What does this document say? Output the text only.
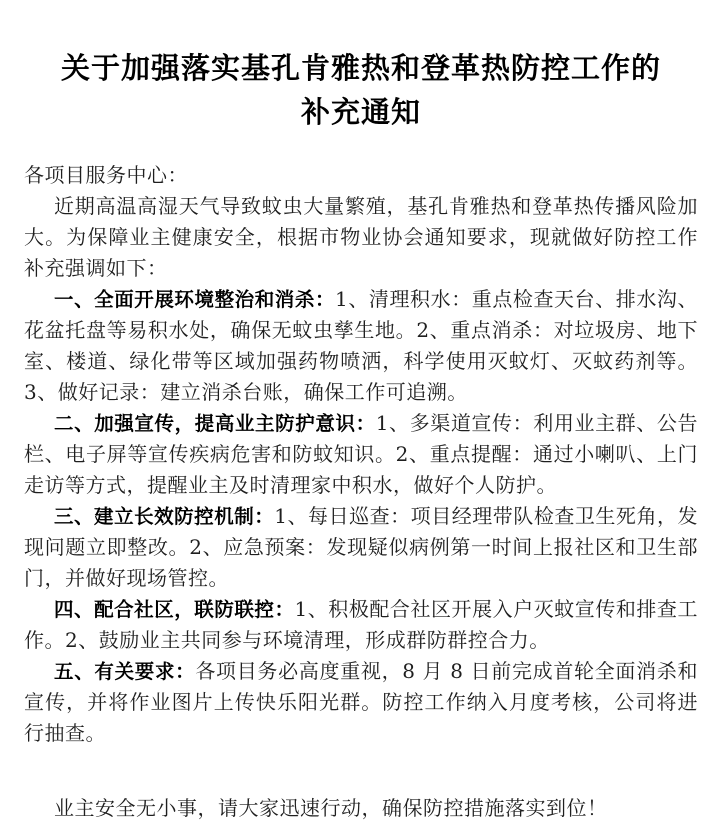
关于加强落实基孔肯雅热和登革热防控工作的
补充通知

各项目服务中心：

近期高温高湿天气导致蚊虫大量繁殖，基孔肯雅热和登革热传播风险加大。为保障业主健康安全，根据市物业协会通知要求，现就做好防控工作补充强调如下：

一、全面开展环境整治和消杀：1、清理积水：重点检查天台、排水沟、花盆托盘等易积水处，确保无蚊虫孳生地。2、重点消杀：对垃圾房、地下室、楼道、绿化带等区域加强药物喷洒，科学使用灭蚊灯、灭蚊药剂等。3、做好记录：建立消杀台账，确保工作可追溯。

二、加强宣传，提高业主防护意识：1、多渠道宣传：利用业主群、公告栏、电子屏等宣传疾病危害和防蚊知识。2、重点提醒：通过小喇叭、上门走访等方式，提醒业主及时清理家中积水，做好个人防护。

三、建立长效防控机制：1、每日巡查：项目经理带队检查卫生死角，发现问题立即整改。2、应急预案：发现疑似病例第一时间上报社区和卫生部门，并做好现场管控。

四、配合社区，联防联控：1、积极配合社区开展入户灭蚊宣传和排查工作。2、鼓励业主共同参与环境清理，形成群防群控合力。

五、有关要求：各项目务必高度重视，8 月 8 日前完成首轮全面消杀和宣传，并将作业图片上传快乐阳光群。防控工作纳入月度考核，公司将进行抽查。

业主安全无小事，请大家迅速行动，确保防控措施落实到位！
